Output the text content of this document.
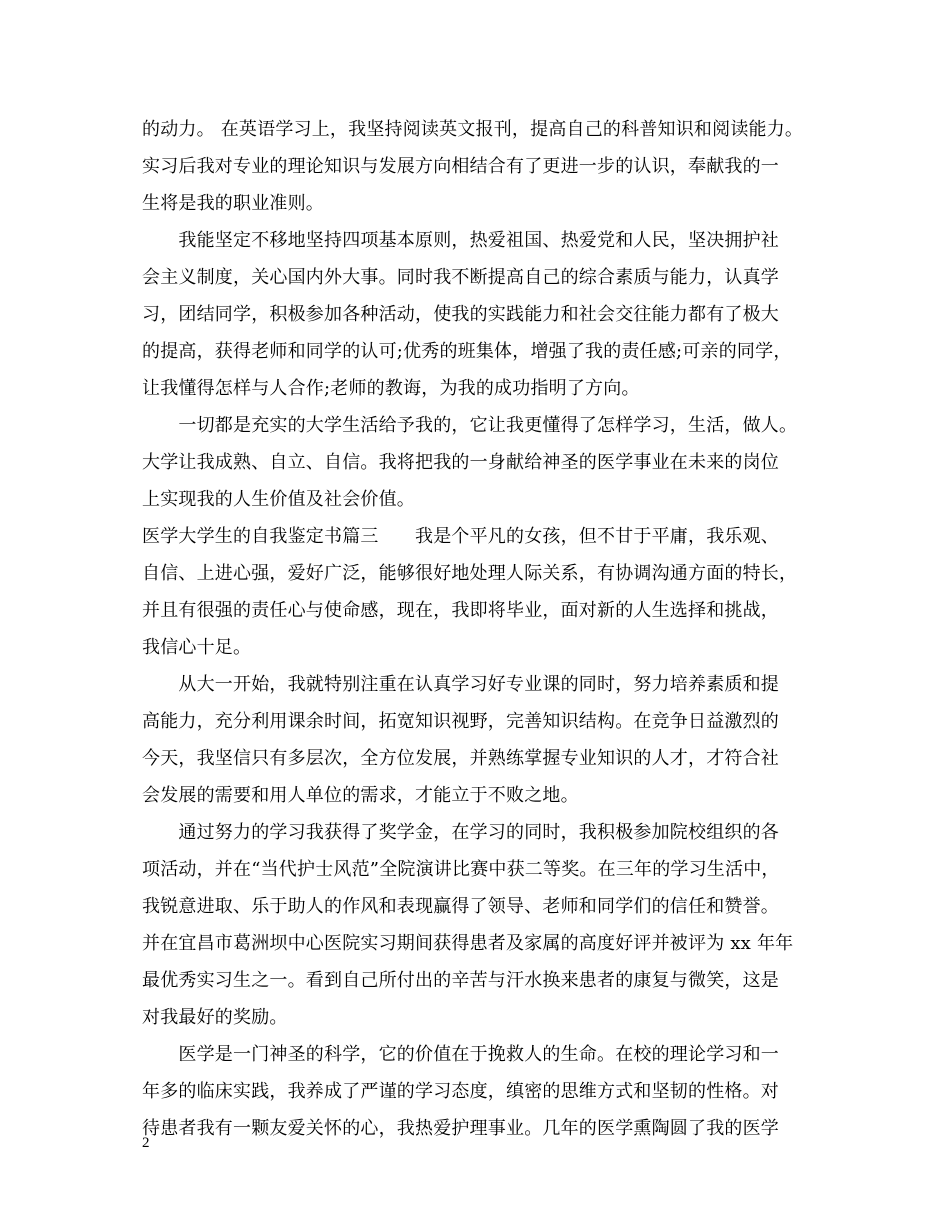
的动力。 在英语学习上，我坚持阅读英文报刊，提高自己的科普知识和阅读能力。
实习后我对专业的理论知识与发展方向相结合有了更进一步的认识，奉献我的一
生将是我的职业准则。
　　我能坚定不移地坚持四项基本原则，热爱祖国、热爱党和人民，坚决拥护社
会主义制度，关心国内外大事。同时我不断提高自己的综合素质与能力，认真学
习，团结同学，积极参加各种活动，使我的实践能力和社会交往能力都有了极大
的提高，获得老师和同学的认可;优秀的班集体，增强了我的责任感;可亲的同学，
让我懂得怎样与人合作;老师的教诲，为我的成功指明了方向。
　　一切都是充实的大学生活给予我的，它让我更懂得了怎样学习，生活，做人。
大学让我成熟、自立、自信。我将把我的一身献给神圣的医学事业在未来的岗位
上实现我的人生价值及社会价值。
医学大学生的自我鉴定书篇三　　我是个平凡的女孩，但不甘于平庸，我乐观、
自信、上进心强，爱好广泛，能够很好地处理人际关系，有协调沟通方面的特长，
并且有很强的责任心与使命感，现在，我即将毕业，面对新的人生选择和挑战，
我信心十足。
　　从大一开始，我就特别注重在认真学习好专业课的同时，努力培养素质和提
高能力，充分利用课余时间，拓宽知识视野，完善知识结构。在竞争日益激烈的
今天，我坚信只有多层次，全方位发展，并熟练掌握专业知识的人才，才符合社
会发展的需要和用人单位的需求，才能立于不败之地。
　　通过努力的学习我获得了奖学金，在学习的同时，我积极参加院校组织的各
项活动，并在“当代护士风范”全院演讲比赛中获二等奖。在三年的学习生活中，
我锐意进取、乐于助人的作风和表现赢得了领导、老师和同学们的信任和赞誉。
并在宜昌市葛洲坝中心医院实习期间获得患者及家属的高度好评并被评为 xx 年年
最优秀实习生之一。看到自己所付出的辛苦与汗水换来患者的康复与微笑，这是
对我最好的奖励。
　　医学是一门神圣的科学，它的价值在于挽救人的生命。在校的理论学习和一
年多的临床实践，我养成了严谨的学习态度，缜密的思维方式和坚韧的性格。对
待患者我有一颗友爱关怀的心，我热爱护理事业。几年的医学熏陶圆了我的医学
2
